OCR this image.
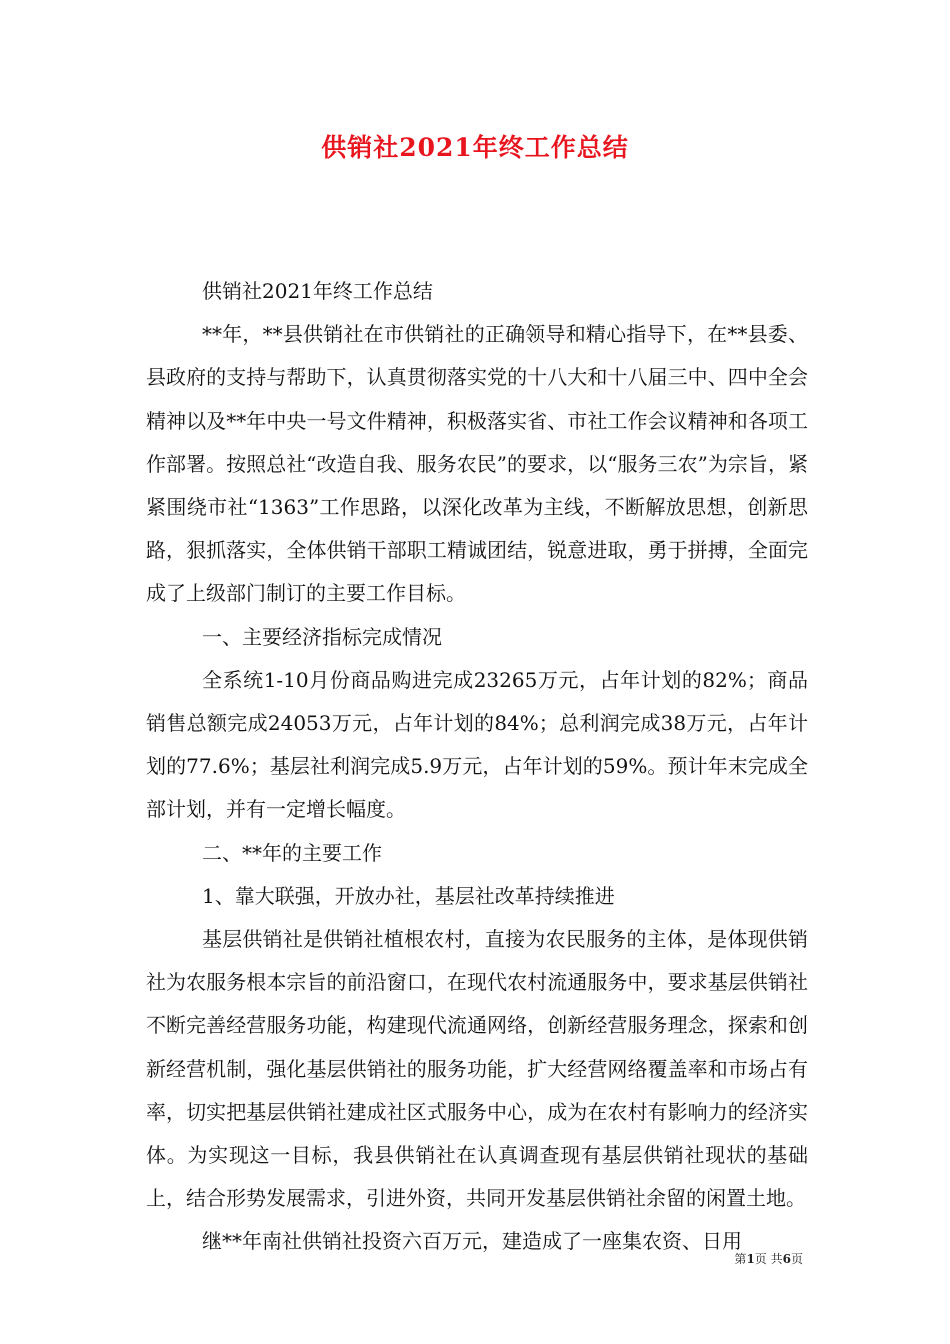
供销社2021年终工作总结

供销社2021年终工作总结

**年，**县供销社在市供销社的正确领导和精心指导下，在**县委、县政府的支持与帮助下，认真贯彻落实党的十八大和十八届三中、四中全会精神以及**年中央一号文件精神，积极落实省、市社工作会议精神和各项工作部署。按照总社“改造自我、服务农民”的要求，以“服务三农”为宗旨，紧紧围绕市社“1363”工作思路，以深化改革为主线，不断解放思想，创新思路，狠抓落实，全体供销干部职工精诚团结，锐意进取，勇于拼搏，全面完成了上级部门制订的主要工作目标。

一、主要经济指标完成情况

全系统1-10月份商品购进完成23265万元，占年计划的82%；商品销售总额完成24053万元，占年计划的84%；总利润完成38万元，占年计划的77.6%；基层社利润完成5.9万元，占年计划的59%。预计年末完成全部计划，并有一定增长幅度。

二、**年的主要工作

1、靠大联强，开放办社，基层社改革持续推进

基层供销社是供销社植根农村，直接为农民服务的主体，是体现供销社为农服务根本宗旨的前沿窗口，在现代农村流通服务中，要求基层供销社不断完善经营服务功能，构建现代流通网络，创新经营服务理念，探索和创新经营机制，强化基层供销社的服务功能，扩大经营网络覆盖率和市场占有率，切实把基层供销社建成社区式服务中心，成为在农村有影响力的经济实体。为实现这一目标，我县供销社在认真调查现有基层供销社现状的基础上，结合形势发展需求，引进外资，共同开发基层供销社余留的闲置土地。

继**年南社供销社投资六百万元，建造成了一座集农资、日用

第1页 共6页
